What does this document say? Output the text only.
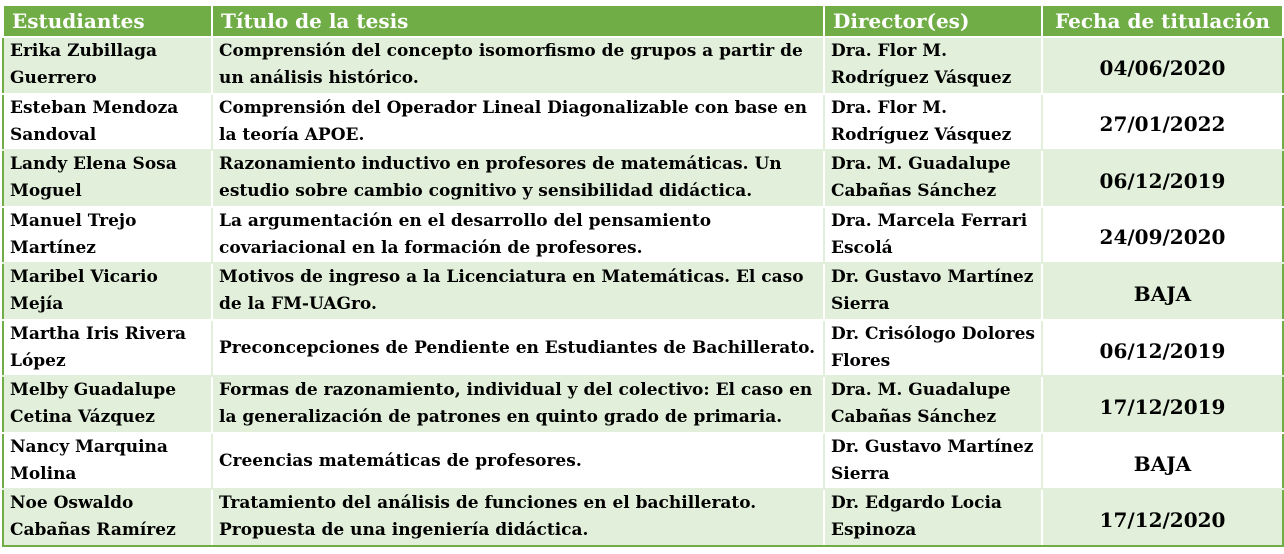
Estudiantes	Título de la tesis	Director(es)	Fecha de titulación
Erika Zubillaga Guerrero	Comprensión del concepto isomorfismo de grupos a partir de un análisis histórico.	Dra. Flor M. Rodríguez Vásquez	04/06/2020
Esteban Mendoza Sandoval	Comprensión del Operador Lineal Diagonalizable con base en la teoría APOE.	Dra. Flor M. Rodríguez Vásquez	27/01/2022
Landy Elena Sosa Moguel	Razonamiento inductivo en profesores de matemáticas. Un estudio sobre cambio cognitivo y sensibilidad didáctica.	Dra. M. Guadalupe Cabañas Sánchez	06/12/2019
Manuel Trejo Martínez	La argumentación en el desarrollo del pensamiento covariacional en la formación de profesores.	Dra. Marcela Ferrari Escolá	24/09/2020
Maribel Vicario Mejía	Motivos de ingreso a la Licenciatura en Matemáticas. El caso de la FM-UAGro.	Dr. Gustavo Martínez Sierra	BAJA
Martha Iris Rivera López	Preconcepciones de Pendiente en Estudiantes de Bachillerato.	Dr. Crisólogo Dolores Flores	06/12/2019
Melby Guadalupe Cetina Vázquez	Formas de razonamiento, individual y del colectivo: El caso en la generalización de patrones en quinto grado de primaria.	Dra. M. Guadalupe Cabañas Sánchez	17/12/2019
Nancy Marquina Molina	Creencias matemáticas de profesores.	Dr. Gustavo Martínez Sierra	BAJA
Noe Oswaldo Cabañas Ramírez	Tratamiento del análisis de funciones en el bachillerato. Propuesta de una ingeniería didáctica.	Dr. Edgardo Locia Espinoza	17/12/2020
